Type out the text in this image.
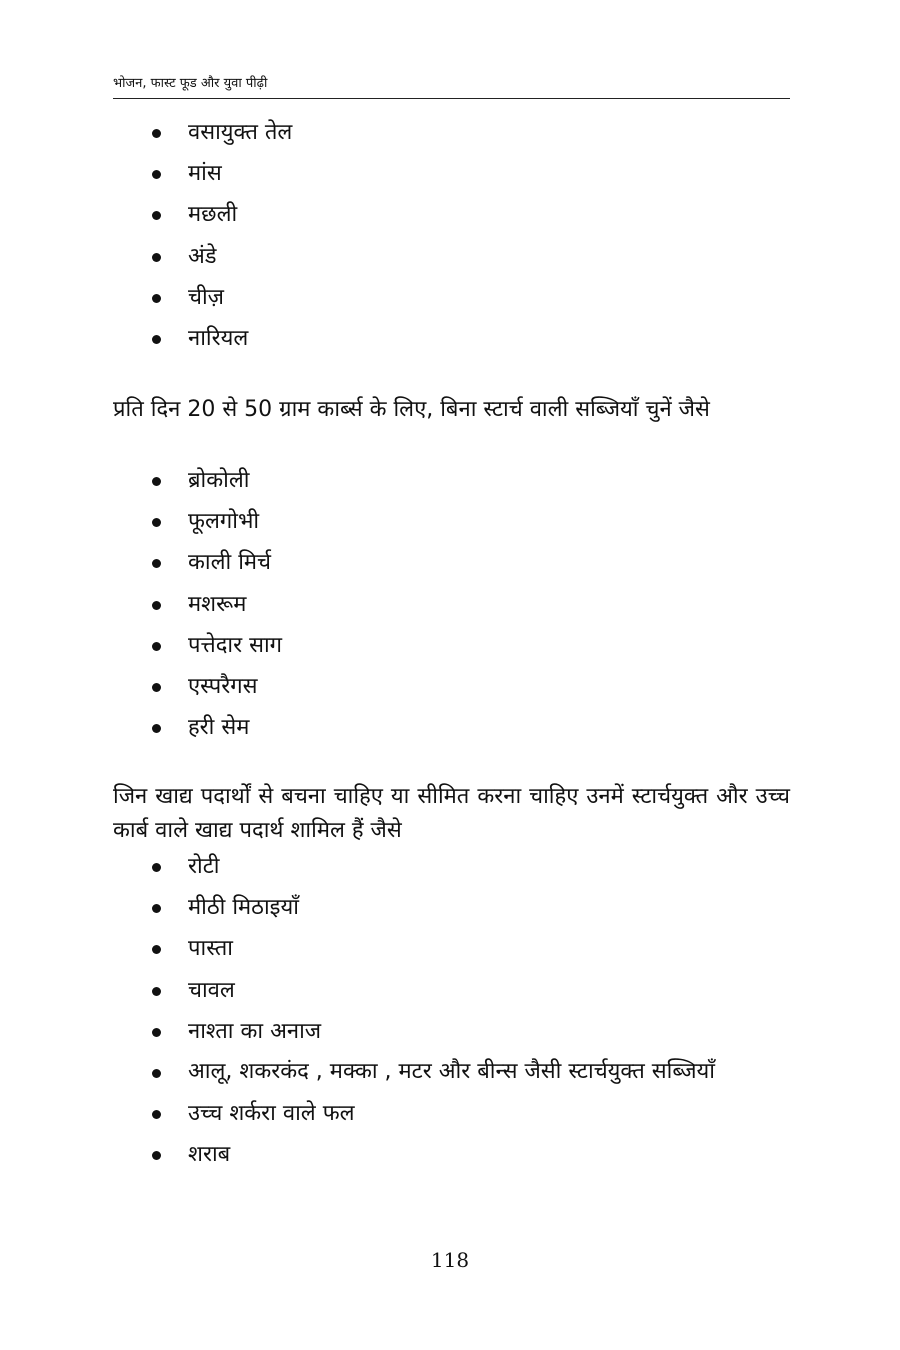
भोजन, फास्ट फूड और युवा पीढ़ी
वसायुक्त तेल
मांस
मछली
अंडे
चीज़
नारियल

प्रति दिन 20 से 50 ग्राम कार्ब्स के लिए, बिना स्टार्च वाली सब्जियाँ चुनें जैसे

ब्रोकोली
फूलगोभी
काली मिर्च
मशरूम
पत्तेदार साग
एस्परैगस
हरी सेम

जिन खाद्य पदार्थों से बचना चाहिए या सीमित करना चाहिए उनमें स्टार्चयुक्त और उच्च कार्ब वाले खाद्य पदार्थ शामिल हैं जैसे

रोटी
मीठी मिठाइयाँ
पास्ता
चावल
नाश्ता का अनाज
आलू, शकरकंद , मक्का , मटर और बीन्स जैसी स्टार्चयुक्त सब्जियाँ
उच्च शर्करा वाले फल
शराब
118
